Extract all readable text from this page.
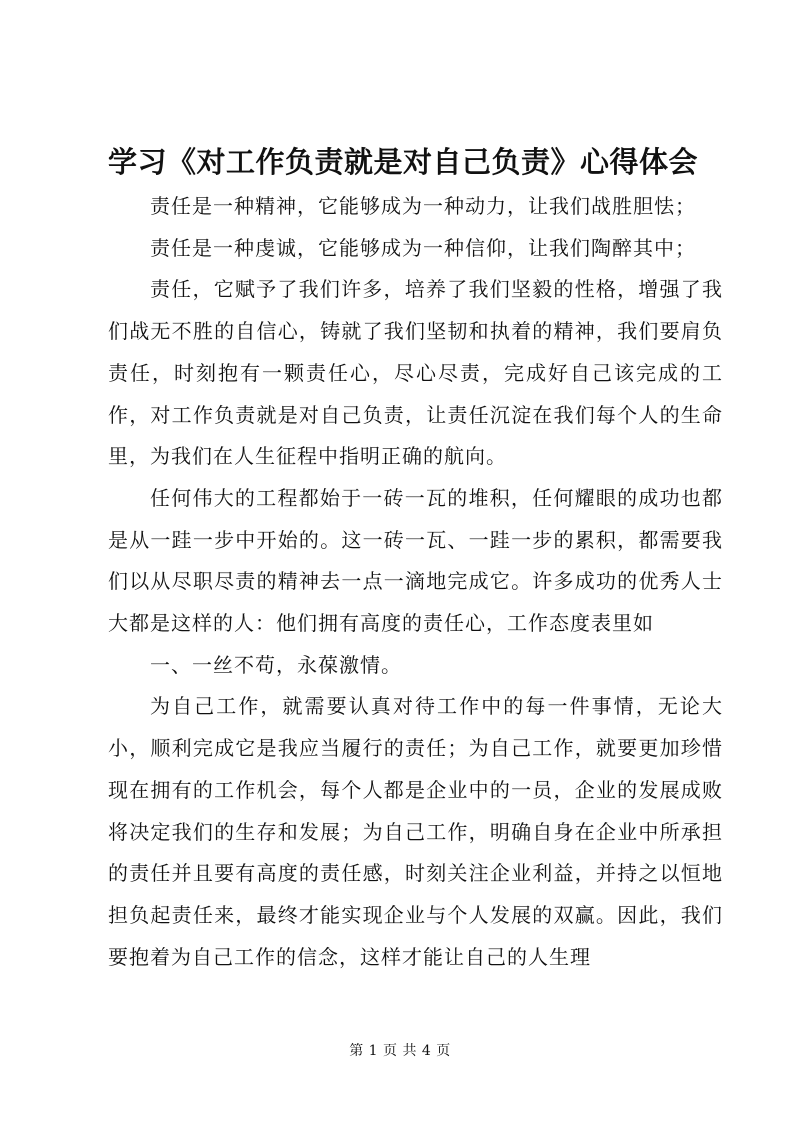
学习《对工作负责就是对自己负责》心得体会

责任是一种精神，它能够成为一种动力，让我们战胜胆怯；

责任是一种虔诚，它能够成为一种信仰，让我们陶醉其中；

责任，它赋予了我们许多，培养了我们坚毅的性格，增强了我们战无不胜的自信心，铸就了我们坚韧和执着的精神，我们要肩负责任，时刻抱有一颗责任心，尽心尽责，完成好自己该完成的工作，对工作负责就是对自己负责，让责任沉淀在我们每个人的生命里，为我们在人生征程中指明正确的航向。

任何伟大的工程都始于一砖一瓦的堆积，任何耀眼的成功也都是从一跬一步中开始的。这一砖一瓦、一跬一步的累积，都需要我们以从尽职尽责的精神去一点一滴地完成它。许多成功的优秀人士大都是这样的人：他们拥有高度的责任心，工作态度表里如

一、一丝不苟，永葆激情。

为自己工作，就需要认真对待工作中的每一件事情，无论大小，顺利完成它是我应当履行的责任；为自己工作，就要更加珍惜现在拥有的工作机会，每个人都是企业中的一员，企业的发展成败将决定我们的生存和发展；为自己工作，明确自身在企业中所承担的责任并且要有高度的责任感，时刻关注企业利益，并持之以恒地担负起责任来，最终才能实现企业与个人发展的双赢。因此，我们要抱着为自己工作的信念，这样才能让自己的人生理

第 1 页 共 4 页
